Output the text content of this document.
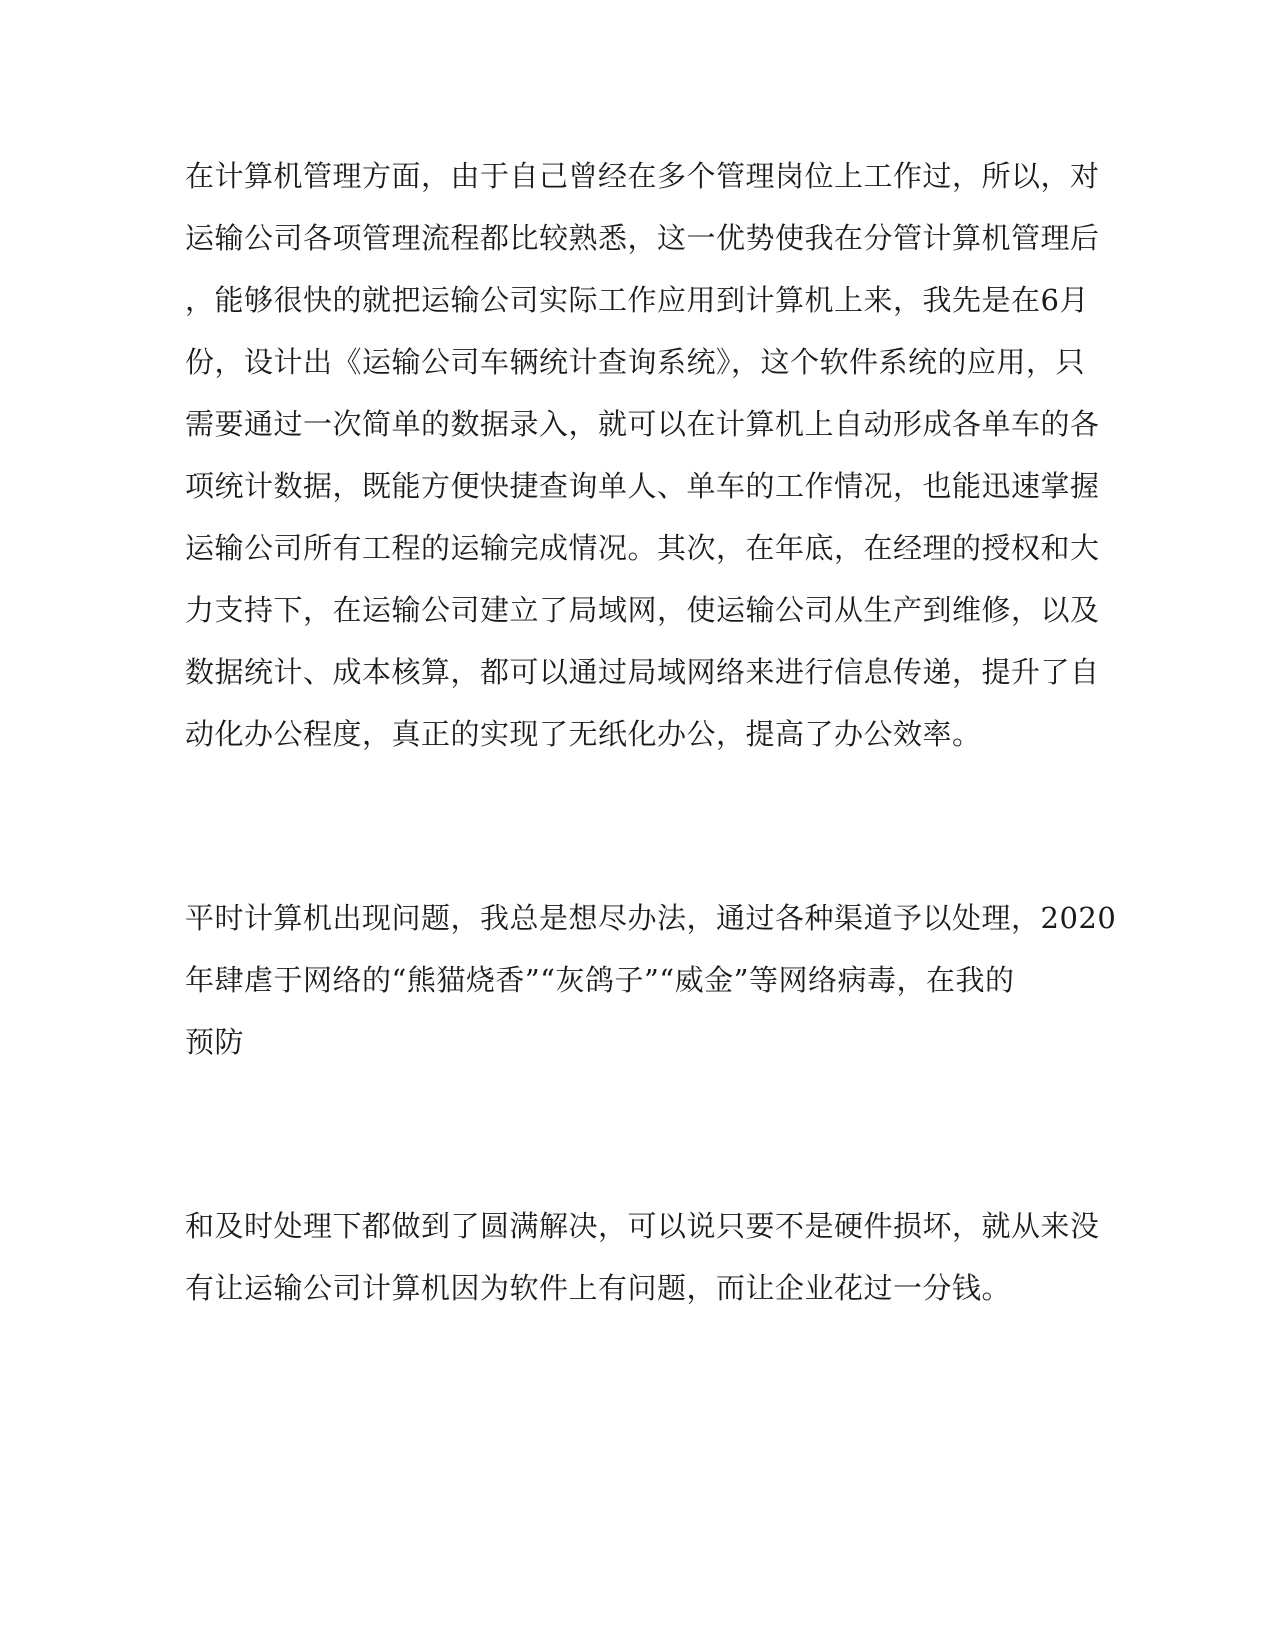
在计算机管理方面，由于自己曾经在多个管理岗位上工作过，所以，对
运输公司各项管理流程都比较熟悉，这一优势使我在分管计算机管理后
，能够很快的就把运输公司实际工作应用到计算机上来，我先是在6月
份，设计出《运输公司车辆统计查询系统》，这个软件系统的应用，只
需要通过一次简单的数据录入，就可以在计算机上自动形成各单车的各
项统计数据，既能方便快捷查询单人、单车的工作情况，也能迅速掌握
运输公司所有工程的运输完成情况。其次，在年底，在经理的授权和大
力支持下，在运输公司建立了局域网，使运输公司从生产到维修，以及
数据统计、成本核算，都可以通过局域网络来进行信息传递，提升了自
动化办公程度，真正的实现了无纸化办公，提高了办公效率。
平时计算机出现问题，我总是想尽办法，通过各种渠道予以处理，2020
年肆虐于网络的“熊猫烧香”“灰鸽子”“威金”等网络病毒，在我的
预防
和及时处理下都做到了圆满解决，可以说只要不是硬件损坏，就从来没
有让运输公司计算机因为软件上有问题，而让企业花过一分钱。
